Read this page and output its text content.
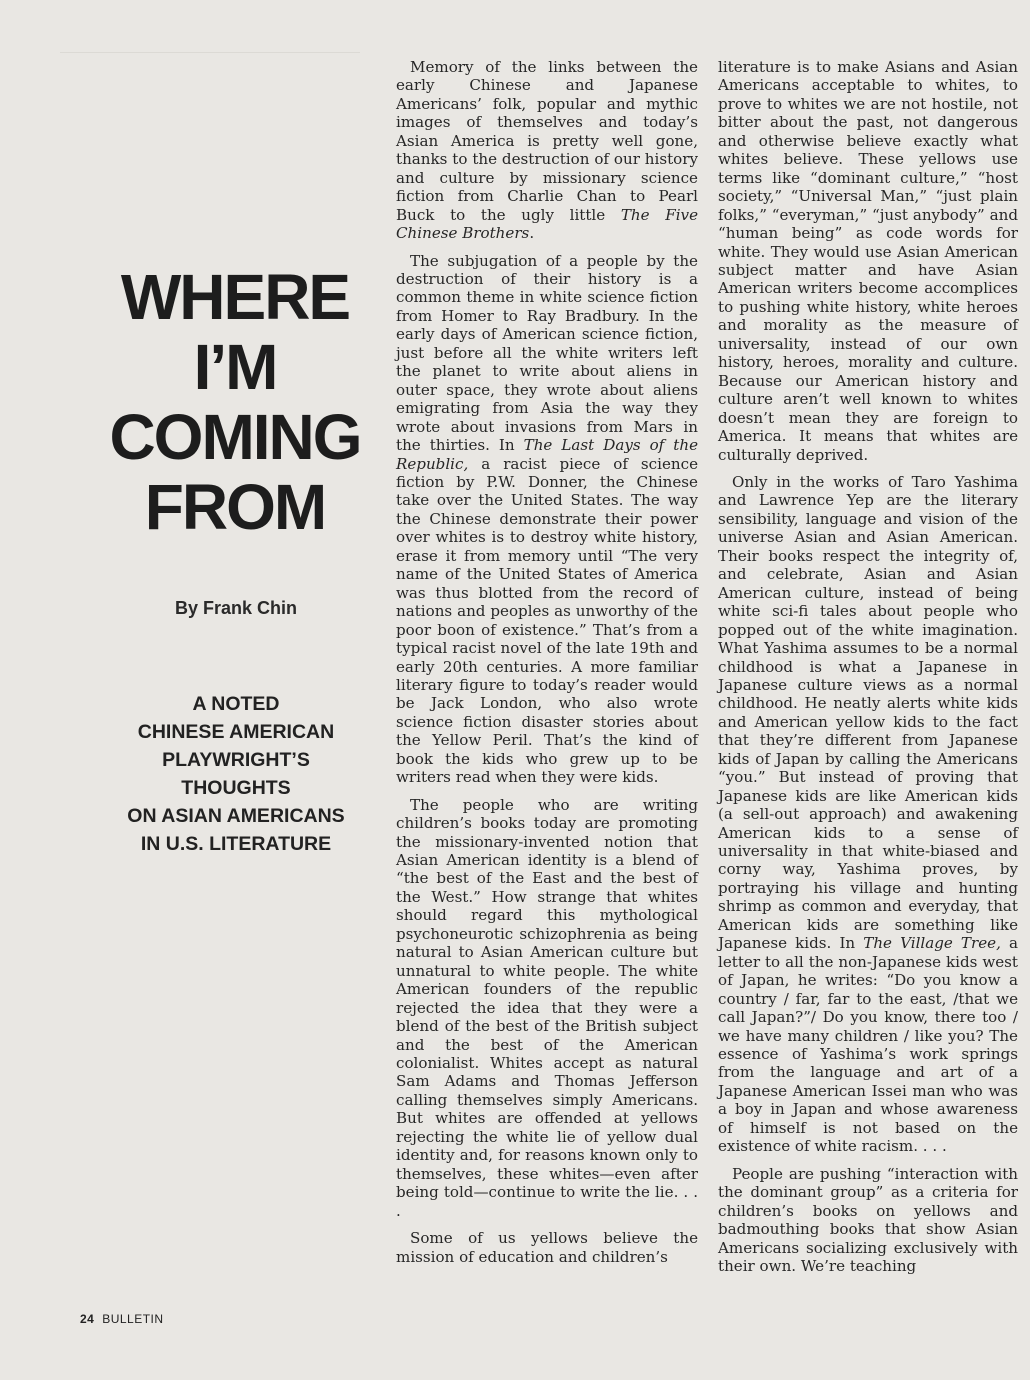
WHERE
I’M
COMING
FROM
By Frank Chin
A NOTED
CHINESE AMERICAN
PLAYWRIGHT’S
THOUGHTS
ON ASIAN AMERICANS
IN U.S. LITERATURE

Memory of the links between the early Chinese and Japanese Americans’ folk, popular and mythic images of themselves and today’s Asian America is pretty well gone, thanks to the destruction of our history and culture by missionary science fiction from Charlie Chan to Pearl Buck to the ugly little The Five Chinese Brothers.

The subjugation of a people by the destruction of their history is a common theme in white science fiction from Homer to Ray Bradbury. In the early days of American science fiction, just before all the white writers left the planet to write about aliens in outer space, they wrote about aliens emigrating from Asia the way they wrote about invasions from Mars in the thirties. In The Last Days of the Republic, a racist piece of science fiction by P.W. Donner, the Chinese take over the United States. The way the Chinese demonstrate their power over whites is to destroy white history, erase it from memory until “The very name of the United States of America was thus blotted from the record of nations and peoples as unworthy of the poor boon of existence.” That’s from a typical racist novel of the late 19th and early 20th centuries. A more familiar literary figure to today’s reader would be Jack London, who also wrote science fiction disaster stories about the Yellow Peril. That’s the kind of book the kids who grew up to be writers read when they were kids.

The people who are writing children’s books today are promoting the missionary-invented notion that Asian American identity is a blend of “the best of the East and the best of the West.” How strange that whites should regard this mythological psychoneurotic schizophrenia as being natural to Asian American culture but unnatural to white people. The white American founders of the republic rejected the idea that they were a blend of the best of the British subject and the best of the American colonialist. Whites accept as natural Sam Adams and Thomas Jefferson calling themselves simply Americans. But whites are offended at yellows rejecting the white lie of yellow dual identity and, for reasons known only to themselves, these whites—even after being told—continue to write the lie. . . .

Some of us yellows believe the mission of education and children’s

literature is to make Asians and Asian Americans acceptable to whites, to prove to whites we are not hostile, not bitter about the past, not dangerous and otherwise believe exactly what whites believe. These yellows use terms like “dominant culture,” “host society,” “Universal Man,” “just plain folks,” “everyman,” “just anybody” and “human being” as code words for white. They would use Asian American subject matter and have Asian American writers become accomplices to pushing white history, white heroes and morality as the measure of universality, instead of our own history, heroes, morality and culture. Because our American history and culture aren’t well known to whites doesn’t mean they are foreign to America. It means that whites are culturally deprived.

Only in the works of Taro Yashima and Lawrence Yep are the literary sensibility, language and vision of the universe Asian and Asian American. Their books respect the integrity of, and celebrate, Asian and Asian American culture, instead of being white sci-fi tales about people who popped out of the white imagination. What Yashima assumes to be a normal childhood is what a Japanese in Japanese culture views as a normal childhood. He neatly alerts white kids and American yellow kids to the fact that they’re different from Japanese kids of Japan by calling the Americans “you.” But instead of proving that Japanese kids are like American kids (a sell-out approach) and awakening American kids to a sense of universality in that white-biased and corny way, Yashima proves, by portraying his village and hunting shrimp as common and everyday, that American kids are something like Japanese kids. In The Village Tree, a letter to all the non-Japanese kids west of Japan, he writes: “Do you know a country / far, far to the east, /that we call Japan?”/ Do you know, there too / we have many children / like you? The essence of Yashima’s work springs from the language and art of a Japanese American Issei man who was a boy in Japan and whose awareness of himself is not based on the existence of white racism. . . .

People are pushing “interaction with the dominant group” as a criteria for children’s books on yellows and badmouthing books that show Asian Americans socializing exclusively with their own. We’re teaching

24 BULLETIN
